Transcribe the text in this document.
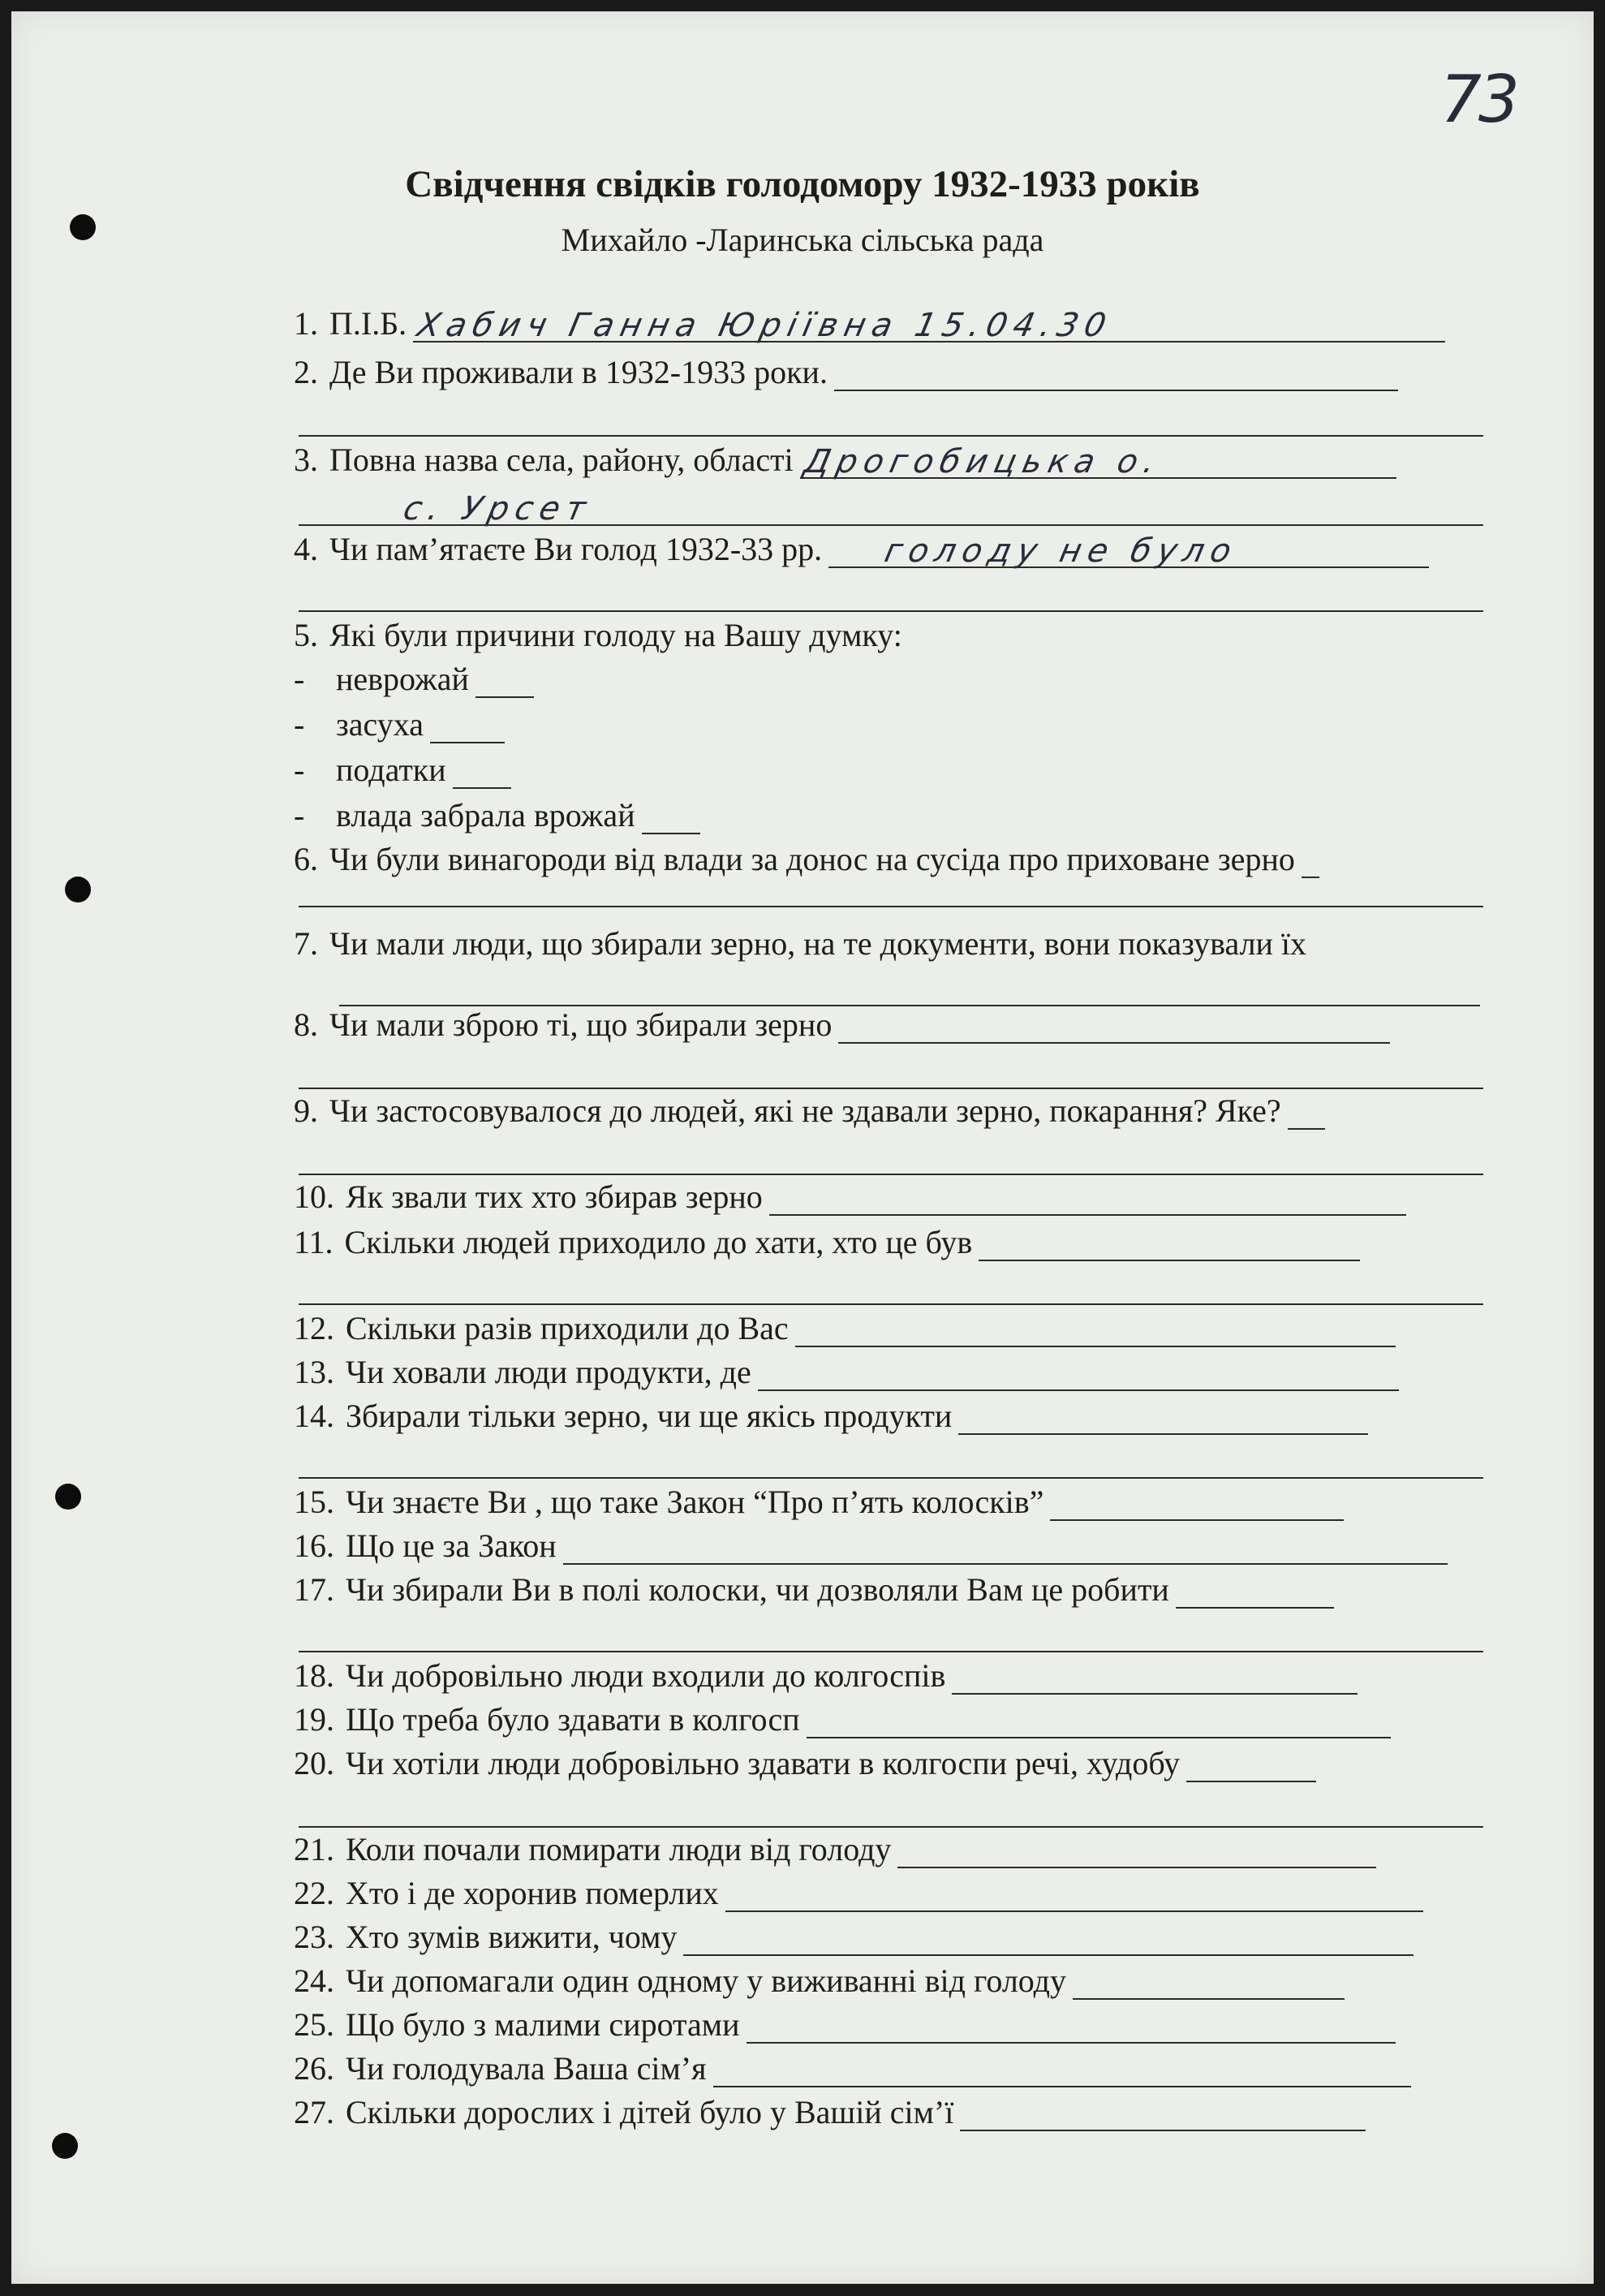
73
Свідчення свідків голодомору 1932-1933 років
Михайло -Ларинська сільська рада
1. П.І.Б. Хабич Ганна Юріївна 15.04.30
2. Де Ви проживали в 1932-1933 роки.
3. Повна назва села, району, області Дрогобицька о.
с. Урсет
4. Чи пам’ятаєте Ви голод 1932-33 рр. голоду не було
5. Які були причини голоду на Вашу думку:
- неврожай
- засуха
- податки
- влада забрала врожай
6. Чи були винагороди від влади за донос на сусіда про приховане зерно
7. Чи мали люди, що збирали зерно, на те документи, вони показували їх
8. Чи мали зброю ті, що збирали зерно
9. Чи застосовувалося до людей, які не здавали зерно, покарання? Яке?
10. Як звали тих хто збирав зерно
11. Скільки людей приходило до хати, хто це був
12. Скільки разів приходили до Вас
13. Чи ховали люди продукти, де
14. Збирали тільки зерно, чи ще якісь продукти
15. Чи знаєте Ви , що таке Закон “Про п’ять колосків”
16. Що це за Закон
17. Чи збирали Ви в полі колоски, чи дозволяли Вам це робити
18. Чи добровільно люди входили до колгоспів
19. Що треба було здавати в колгосп
20. Чи хотіли люди добровільно здавати в колгоспи речі, худобу
21. Коли почали помирати люди від голоду
22. Хто і де хоронив померлих
23. Хто зумів вижити, чому
24. Чи допомагали один одному у виживанні від голоду
25. Що було з малими сиротами
26. Чи голодувала Ваша сім’я
27. Скільки дорослих і дітей було у Вашій сім’ї
